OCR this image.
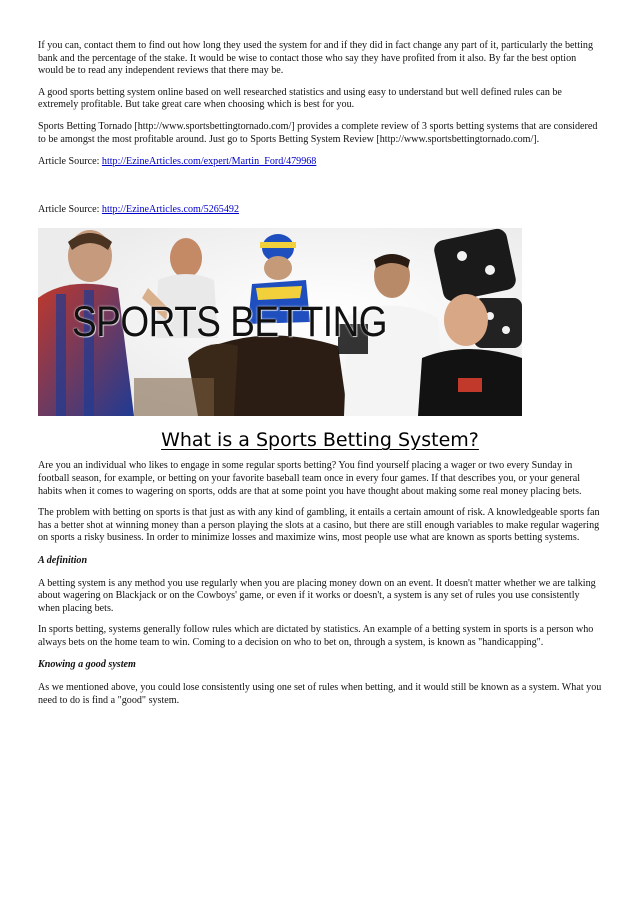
If you can, contact them to find out how long they used the system for and if they did in fact change any part of it, particularly the betting bank and the percentage of the stake. It would be wise to contact those who say they have profited from it also. By far the best option would be to read any independent reviews that there may be.

A good sports betting system online based on well researched statistics and using easy to understand but well defined rules can be extremely profitable. But take great care when choosing which is best for you.

Sports Betting Tornado [http://www.sportsbettingtornado.com/] provides a complete review of 3 sports betting systems that are considered to be amongst the most profitable around. Just go to Sports Betting System Review [http://www.sportsbettingtornado.com/].

Article Source: http://EzineArticles.com/expert/Martin_Ford/479968

Article Source: http://EzineArticles.com/5265492

SPORTS BETTING
What is a Sports Betting System?

Are you an individual who likes to engage in some regular sports betting? You find yourself placing a wager or two every Sunday in football season, for example, or betting on your favorite baseball team once in every four games. If that describes you, or your general habits when it comes to wagering on sports, odds are that at some point you have thought about making some real money placing bets.

The problem with betting on sports is that just as with any kind of gambling, it entails a certain amount of risk. A knowledgeable sports fan has a better shot at winning money than a person playing the slots at a casino, but there are still enough variables to make regular wagering on sports a risky business. In order to minimize losses and maximize wins, most people use what are known as sports betting systems.

A definition

A betting system is any method you use regularly when you are placing money down on an event. It doesn't matter whether we are talking about wagering on Blackjack or on the Cowboys' game, or even if it works or doesn't, a system is any set of rules you use consistently when placing bets.

In sports betting, systems generally follow rules which are dictated by statistics. An example of a betting system in sports is a person who always bets on the home team to win. Coming to a decision on who to bet on, through a system, is known as "handicapping".

Knowing a good system

As we mentioned above, you could lose consistently using one set of rules when betting, and it would still be known as a system. What you need to do is find a "good" system.
